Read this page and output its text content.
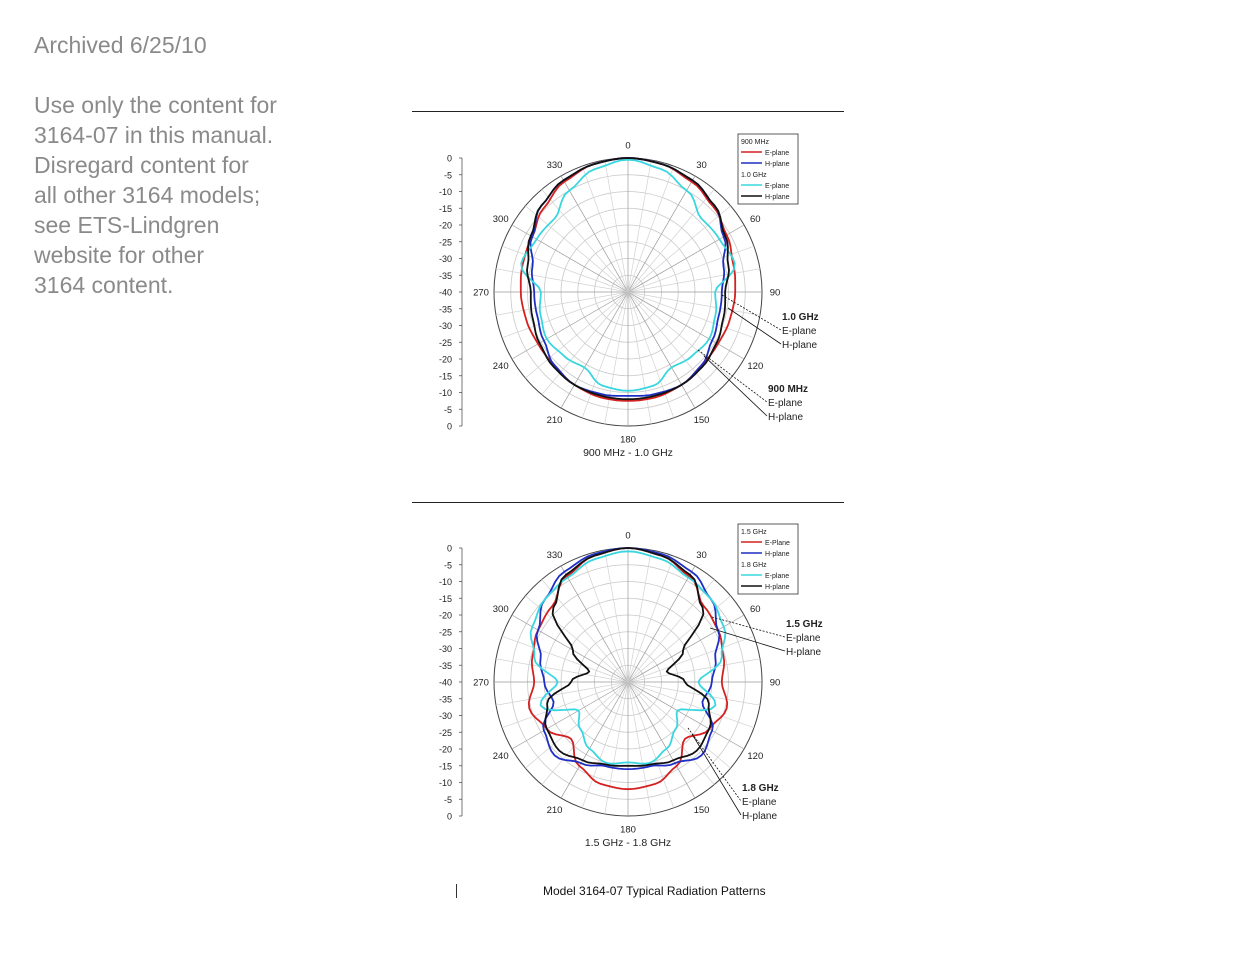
Archived 6/25/10
Use only the content for
3164-07 in this manual.
Disregard content for
all other 3164 models;
see ETS-Lindgren
website for other
3164 content.
0
-5
-10
-15
-20
-25
-30
-35
-40
-35
-30
-25
-20
-15
-10
-5
0
0
30
60
90
120
150
180
210
240
270
300
330
900 MHz
E-plane
H-plane
1.0 GHz
E-plane
H-plane
1.0 GHz
E-plane
H-plane
900 MHz
E-plane
H-plane
900 MHz - 1.0 GHz
0
-5
-10
-15
-20
-25
-30
-35
-40
-35
-30
-25
-20
-15
-10
-5
0
0
30
60
90
120
150
180
210
240
270
300
330
1.5 GHz
E-Plane
H-plane
1.8 GHz
E-plane
H-plane
1.5 GHz
E-plane
H-plane
1.8 GHz
E-plane
H-plane
1.5 GHz - 1.8 GHz
Model 3164-07 Typical Radiation Patterns
